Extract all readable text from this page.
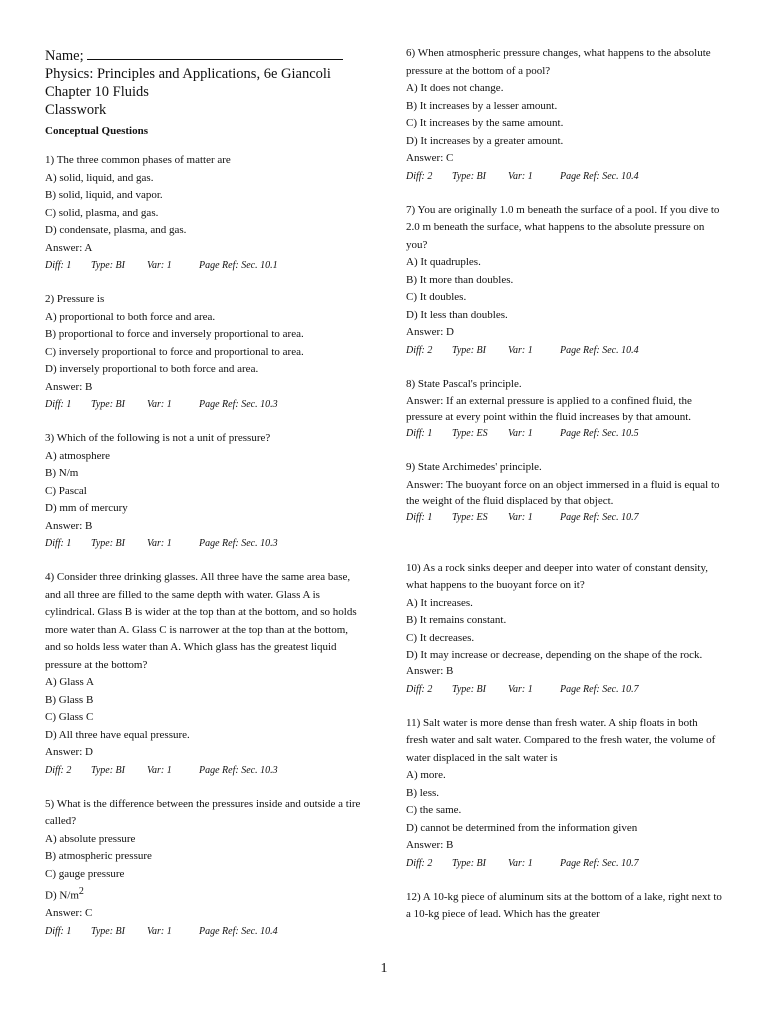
Name;
Physics: Principles and Applications, 6e Giancoli
Chapter 10 Fluids
Classwork
Conceptual Questions

1) The three common phases of matter are

A) solid, liquid, and gas.

B) solid, liquid, and vapor.

C) solid, plasma, and gas.

D) condensate, plasma, and gas.

Answer: A

Diff: 1 Type: BI Var: 1	Page Ref: Sec. 10.1

2) Pressure is

A) proportional to both force and area.

B) proportional to force and inversely proportional to area.

C) inversely proportional to force and proportional to area.

D) inversely proportional to both force and area.

Answer: B

Diff: 1 Type: BI Var: 1	Page Ref: Sec. 10.3

3) Which of the following is not a unit of pressure?

A) atmosphere

B) N/m

C) Pascal

D) mm of mercury

Answer: B

Diff: 1 Type: BI Var: 1	Page Ref: Sec. 10.3

4) Consider three drinking glasses. All three have the same area base, and all three are filled to the same depth with water. Glass A is cylindrical. Glass B is wider at the top than at the bottom, and so holds more water than A. Glass C is narrower at the top than at the bottom, and so holds less water than A. Which glass has the greatest liquid pressure at the bottom?

A) Glass A

B) Glass B

C) Glass C

D) All three have equal pressure.

Answer: D

Diff: 2 Type: BI Var: 1	Page Ref: Sec. 10.3

5) What is the difference between the pressures inside and outside a tire called?

A) absolute pressure

B) atmospheric pressure

C) gauge pressure

D) $N/m^2$

Answer: C

Diff: 1 Type: BI Var: 1	Page Ref: Sec. 10.4

6) When atmospheric pressure changes, what happens to the absolute pressure at the bottom of a pool?

A) It does not change.

B) It increases by a lesser amount.

C) It increases by the same amount.

D) It increases by a greater amount.

Answer: C

Diff: 2 Type: BI Var: 1	Page Ref: Sec. 10.4

7) You are originally 1.0 m beneath the surface of a pool. If you dive to 2.0 m beneath the surface, what happens to the absolute pressure on you?

A) It quadruples.

B) It more than doubles.

C) It doubles.

D) It less than doubles.

Answer: D

Diff: 2 Type: BI Var: 1	Page Ref: Sec. 10.4

8) State Pascal's principle.

Answer: If an external pressure is applied to a confined fluid, the pressure at every point within the fluid increases by that amount.

Diff: 1 Type: ES Var: 1	Page Ref: Sec. 10.5

9) State Archimedes' principle.

Answer: The buoyant force on an object immersed in a fluid is equal to the weight of the fluid displaced by that object.

Diff: 1 Type: ES Var: 1	Page Ref: Sec. 10.7

10) As a rock sinks deeper and deeper into water of constant density, what happens to the buoyant force on it?

A) It increases.

B) It remains constant.

C) It decreases.

D) It may increase or decrease, depending on the shape of the rock.

Answer: B

Diff: 2 Type: BI Var: 1	Page Ref: Sec. 10.7

11) Salt water is more dense than fresh water. A ship floats in both fresh water and salt water. Compared to the fresh water, the volume of water displaced in the salt water is

A) more.

B) less.

C) the same.

D) cannot be determined from the information given

Answer: B

Diff: 2 Type: BI Var: 1	Page Ref: Sec. 10.7

12) A 10-kg piece of aluminum sits at the bottom of a lake, right next to a 10-kg piece of lead. Which has the greater

1
